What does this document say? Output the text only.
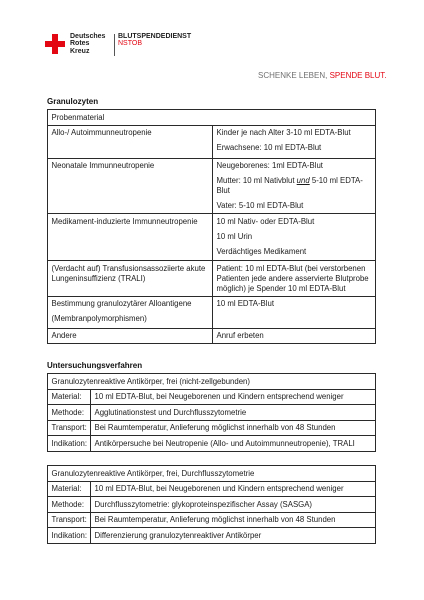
Deutsches
Rotes
Kreuz
BLUTSPENDEDIENST
NSTOB
SCHENKE LEBEN, SPENDE BLUT.
Granulozyten
Probenmaterial	

Allo-/ Autoimmunneutropenie	Kinder je nach Alter 3-10 ml EDTA-Blut

Erwachsene: 10 ml EDTA-Blut

Neonatale Immunneutropenie	Neugeborenes: 1ml EDTA-Blut

Mutter: 10 ml Nativblut und 5-10 ml EDTA-Blut

Vater: 5-10 ml EDTA-Blut

Medikament-induzierte Immunneutropenie	10 ml Nativ- oder EDTA-Blut

10 ml Urin

Verdächtiges Medikament

(Verdacht auf) Transfusionsassoziierte akute Lungeninsuffizienz (TRALI)	Patient: 10 ml EDTA-Blut (bei verstorbenen Patienten jede andere asservierte Blutprobe möglich) je Spender 10 ml EDTA-Blut

Bestimmung granulozytärer Alloantigene

(Membranpolymorphismen)	10 ml EDTA-Blut

Andere	Anruf erbeten

Untersuchungsverfahren
Granulozytenreaktive Antikörper, frei (nicht-zellgebunden)	
Material:	10 ml EDTA-Blut, bei Neugeborenen und Kindern entsprechend weniger
Methode:	Agglutinationstest und Durchflusszytometrie
Transport:	Bei Raumtemperatur, Anlieferung möglichst innerhalb von 48 Stunden
Indikation:	Antikörpersuche bei Neutropenie (Allo- und Autoimmunneutropenie), TRALI
Granulozytenreaktive Antikörper, frei, Durchflusszytometrie	
Material:	10 ml EDTA-Blut, bei Neugeborenen und Kindern entsprechend weniger
Methode:	Durchflusszytometrie: glykoproteinspezifischer Assay (SASGA)
Transport:	Bei Raumtemperatur, Anlieferung möglichst innerhalb von 48 Stunden
Indikation:	Differenzierung granulozytenreaktiver Antikörper
